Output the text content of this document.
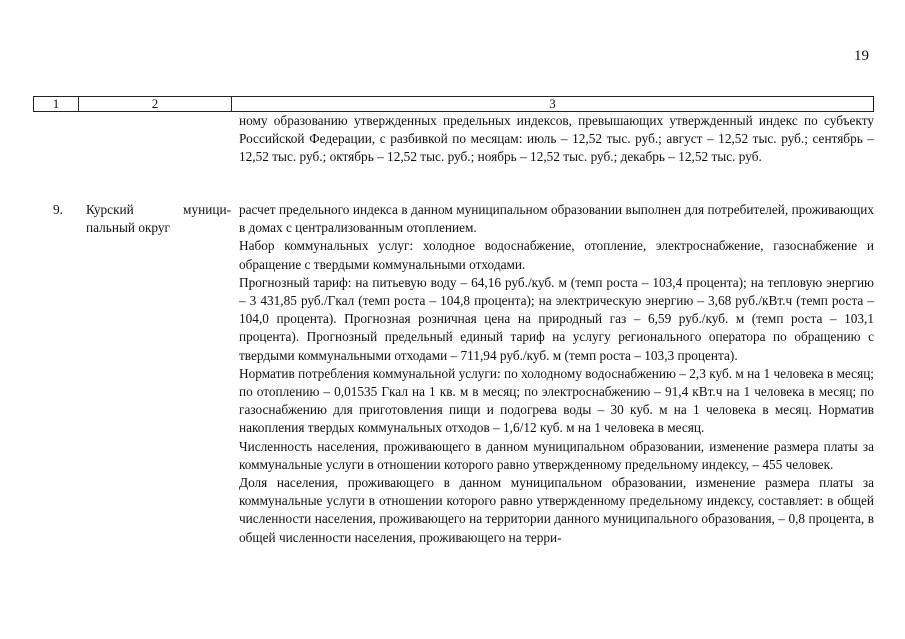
19
1	2	3

ному образованию утвержденных предельных индексов, превышающих утвержденный индекс по субъекту Российской Федерации, с разбивкой по месяцам: июль – 12,52 тыс. руб.; август – 12,52 тыс. руб.; сентябрь – 12,52 тыс. руб.; октябрь – 12,52 тыс. руб.; ноябрь – 12,52 тыс. руб.; декабрь – 12,52 тыс. руб.

9. Курский муници-
пальный округ

расчет предельного индекса в данном муниципальном образовании выполнен для потребителей, проживающих в домах с централизованным отоплением.

Набор коммунальных услуг: холодное водоснабжение, отопление, электроснабжение, газоснабжение и обращение с твердыми коммунальными отходами.

Прогнозный тариф: на питьевую воду – 64,16 руб./куб. м (темп роста – 103,4 процента); на тепловую энергию – 3 431,85 руб./Гкал (темп роста – 104,8 процента); на электрическую энергию – 3,68 руб./кВт.ч (темп роста – 104,0 процента). Прогнозная розничная цена на природный газ – 6,59 руб./куб. м (темп роста – 103,1 процента). Прогнозный предельный единый тариф на услугу регионального оператора по обращению с твердыми коммунальными отходами – 711,94 руб./куб. м (темп роста – 103,3 процента).

Норматив потребления коммунальной услуги: по холодному водоснабжению – 2,3 куб. м на 1 человека в месяц; по отоплению – 0,01535 Гкал на 1 кв. м в месяц; по электроснабжению – 91,4 кВт.ч на 1 человека в месяц; по газоснабжению для приготовления пищи и подогрева воды – 30 куб. м на 1 человека в месяц. Норматив накопления твердых коммунальных отходов – 1,6/12 куб. м на 1 человека в месяц.

Численность населения, проживающего в данном муниципальном образовании, изменение размера платы за коммунальные услуги в отношении которого равно утвержденному предельному индексу, – 455 человек.

Доля населения, проживающего в данном муниципальном образовании, изменение размера платы за коммунальные услуги в отношении которого равно утвержденному предельному индексу, составляет: в общей численности населения, проживающего на территории данного муниципального образования, – 0,8 процента, в общей численности населения, проживающего на терри-
